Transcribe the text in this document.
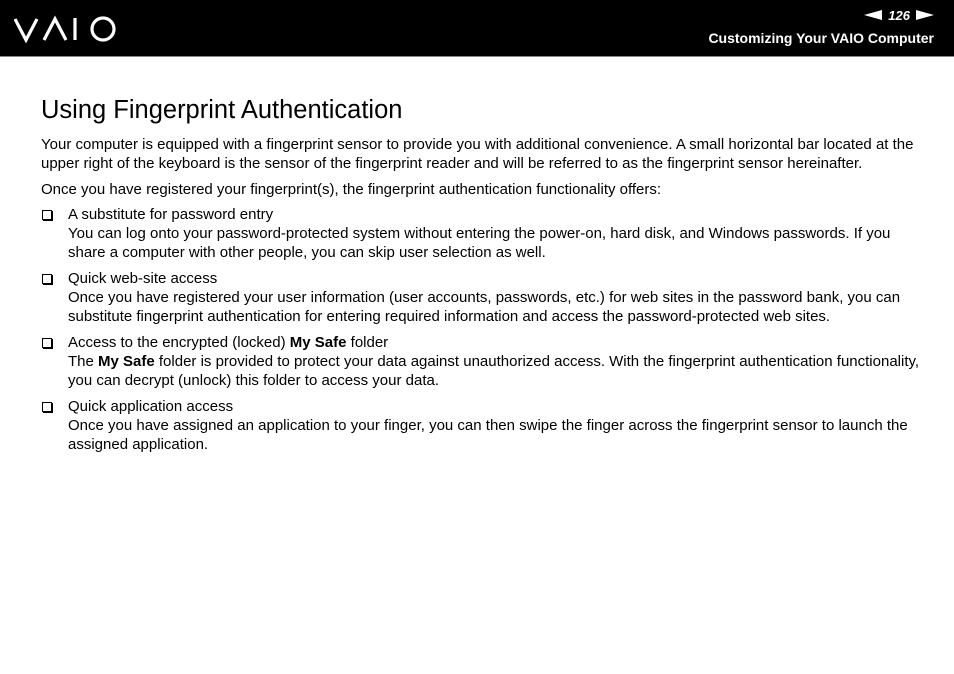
126
Customizing Your VAIO Computer
Using Fingerprint Authentication

Your computer is equipped with a fingerprint sensor to provide you with additional convenience. A small horizontal bar located at the upper right of the keyboard is the sensor of the fingerprint reader and will be referred to as the fingerprint sensor hereinafter.

Once you have registered your fingerprint(s), the fingerprint authentication functionality offers:

A substitute for password entry
You can log onto your password-protected system without entering the power-on, hard disk, and Windows passwords. If you share a computer with other people, you can skip user selection as well.
Quick web-site access
Once you have registered your user information (user accounts, passwords, etc.) for web sites in the password bank, you can substitute fingerprint authentication for entering required information and access the password-protected web sites.
Access to the encrypted (locked) My Safe folder
The My Safe folder is provided to protect your data against unauthorized access. With the fingerprint authentication functionality, you can decrypt (unlock) this folder to access your data.
Quick application access
Once you have assigned an application to your finger, you can then swipe the finger across the fingerprint sensor to launch the assigned application.
